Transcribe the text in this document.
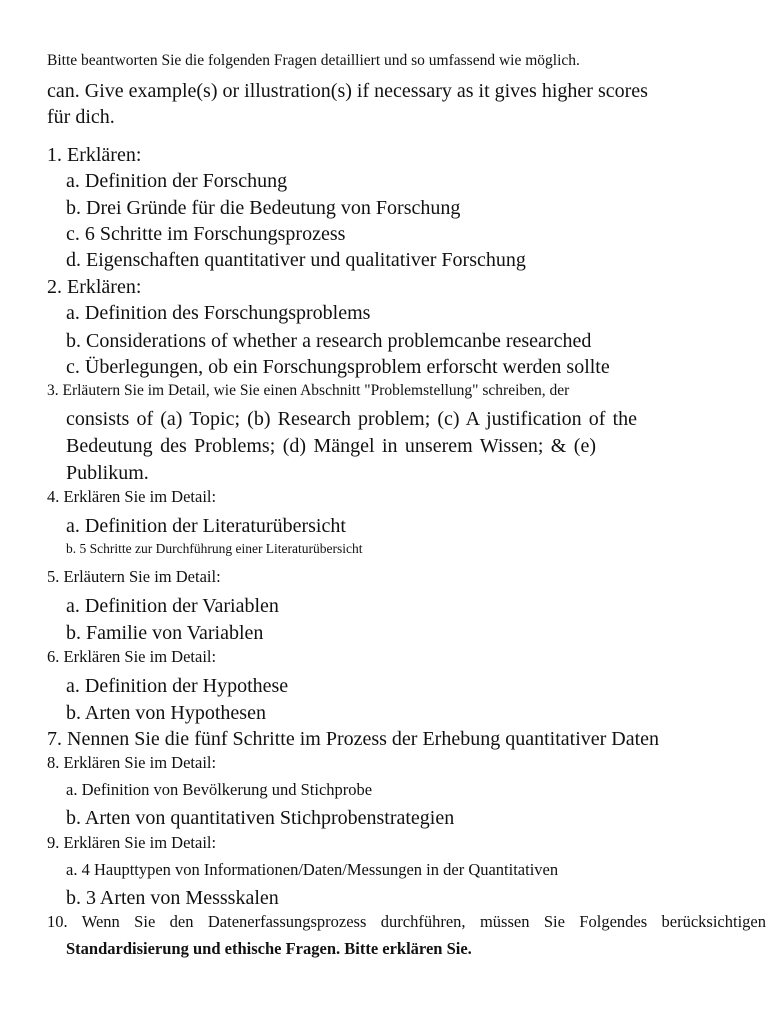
Bitte beantworten Sie die folgenden Fragen detailliert und so umfassend wie möglich.
can. Give example(s) or illustration(s) if necessary as it gives higher scores
für dich.
1. Erklären:
a. Definition der Forschung
b. Drei Gründe für die Bedeutung von Forschung
c. 6 Schritte im Forschungsprozess
d. Eigenschaften quantitativer und qualitativer Forschung
2. Erklären:
a. Definition des Forschungsproblems
b. Considerations of whether a research problemcanbe researched
c. Überlegungen, ob ein Forschungsproblem erforscht werden sollte
3. Erläutern Sie im Detail, wie Sie einen Abschnitt "Problemstellung" schreiben, der
consists of (a) Topic; (b) Research problem; (c) A justification of the
Bedeutung des Problems; (d) Mängel in unserem Wissen; & (e)
Publikum.
4. Erklären Sie im Detail:
a. Definition der Literaturübersicht
b. 5 Schritte zur Durchführung einer Literaturübersicht
5. Erläutern Sie im Detail:
a. Definition der Variablen
b. Familie von Variablen
6. Erklären Sie im Detail:
a. Definition der Hypothese
b. Arten von Hypothesen
7. Nennen Sie die fünf Schritte im Prozess der Erhebung quantitativer Daten
8. Erklären Sie im Detail:
a. Definition von Bevölkerung und Stichprobe
b. Arten von quantitativen Stichprobenstrategien
9. Erklären Sie im Detail:
a. 4 Haupttypen von Informationen/Daten/Messungen in der Quantitativen
b. 3 Arten von Messskalen
10. Wenn Sie den Datenerfassungsprozess durchführen, müssen Sie Folgendes berücksichtigen
Standardisierung und ethische Fragen. Bitte erklären Sie.
